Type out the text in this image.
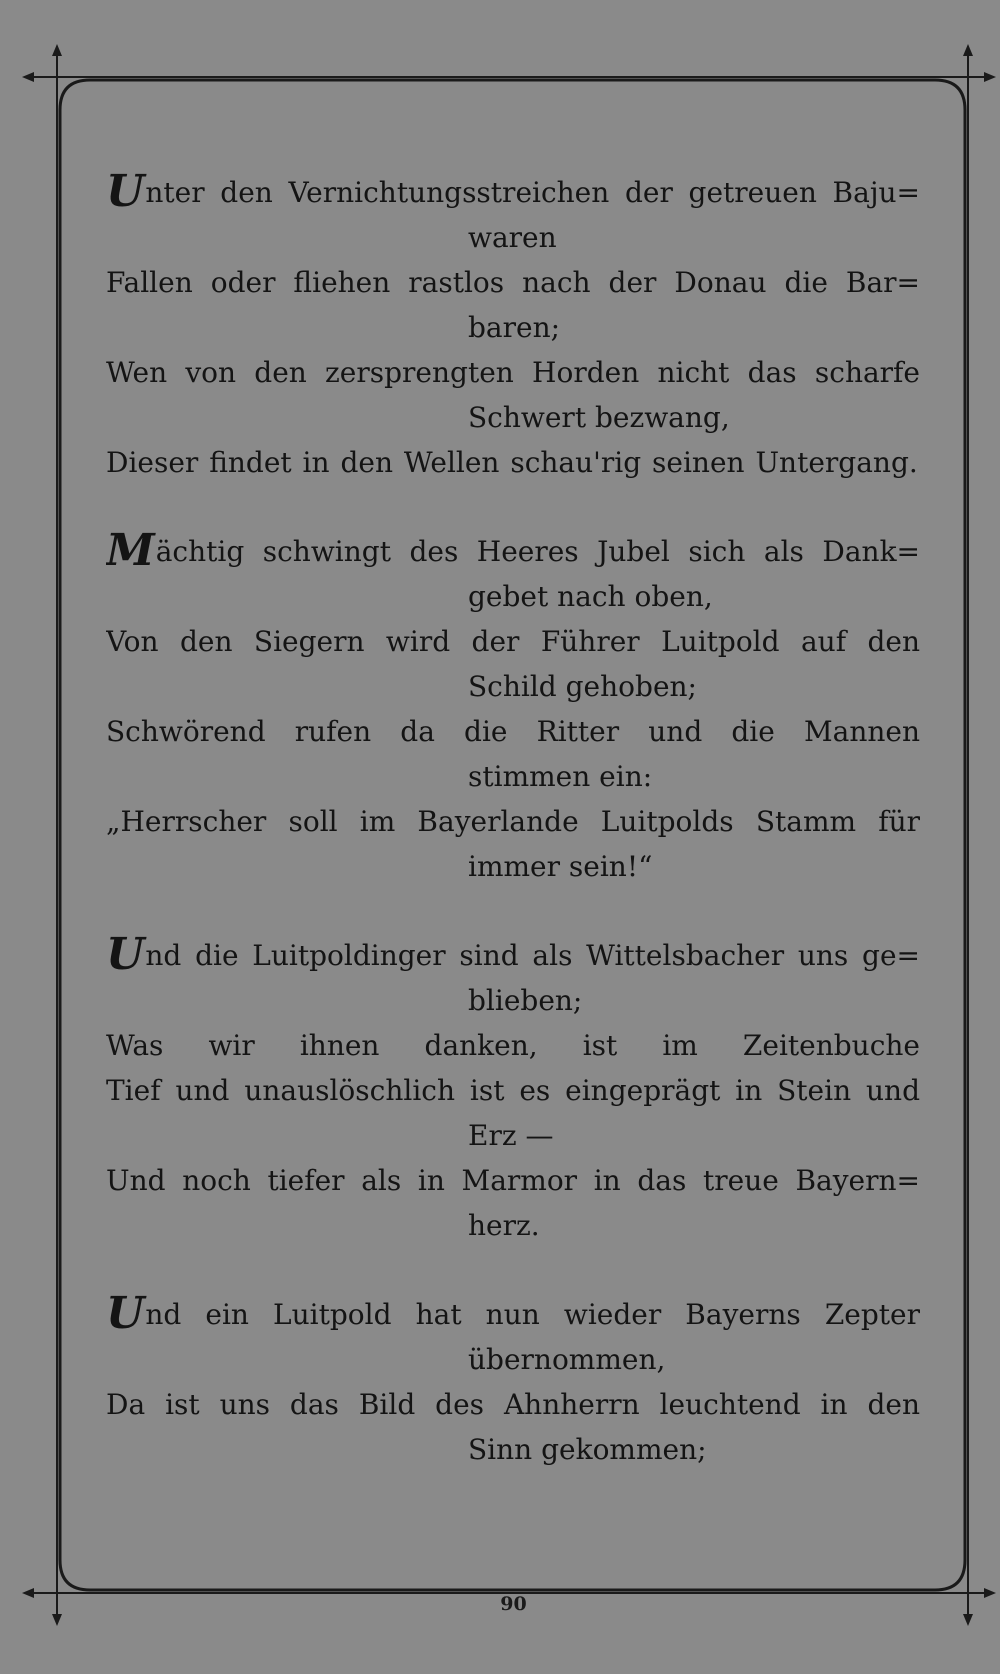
Unter den Vernichtungsstreichen der getreuen Baju=
waren
Fallen oder fliehen rastlos nach der Donau die Bar=
baren;
Wen von den zersprengten Horden nicht das scharfe
Schwert bezwang,
Dieser findet in den Wellen schau'rig seinen Untergang.
Mächtig schwingt des Heeres Jubel sich als Dank=
gebet nach oben,
Von den Siegern wird der Führer Luitpold auf den
Schild gehoben;
Schwörend rufen da die Ritter und die Mannen
stimmen ein:
„Herrscher soll im Bayerlande Luitpolds Stamm für
immer sein!“
Und die Luitpoldinger sind als Wittelsbacher uns ge=
blieben;
Was wir ihnen danken, ist im Zeitenbuche
Tief und unauslöschlich ist es eingeprägt in Stein und
Erz —
Und noch tiefer als in Marmor in das treue Bayern=
herz.
Und ein Luitpold hat nun wieder Bayerns Zepter
übernommen,
Da ist uns das Bild des Ahnherrn leuchtend in den
Sinn gekommen;
90
